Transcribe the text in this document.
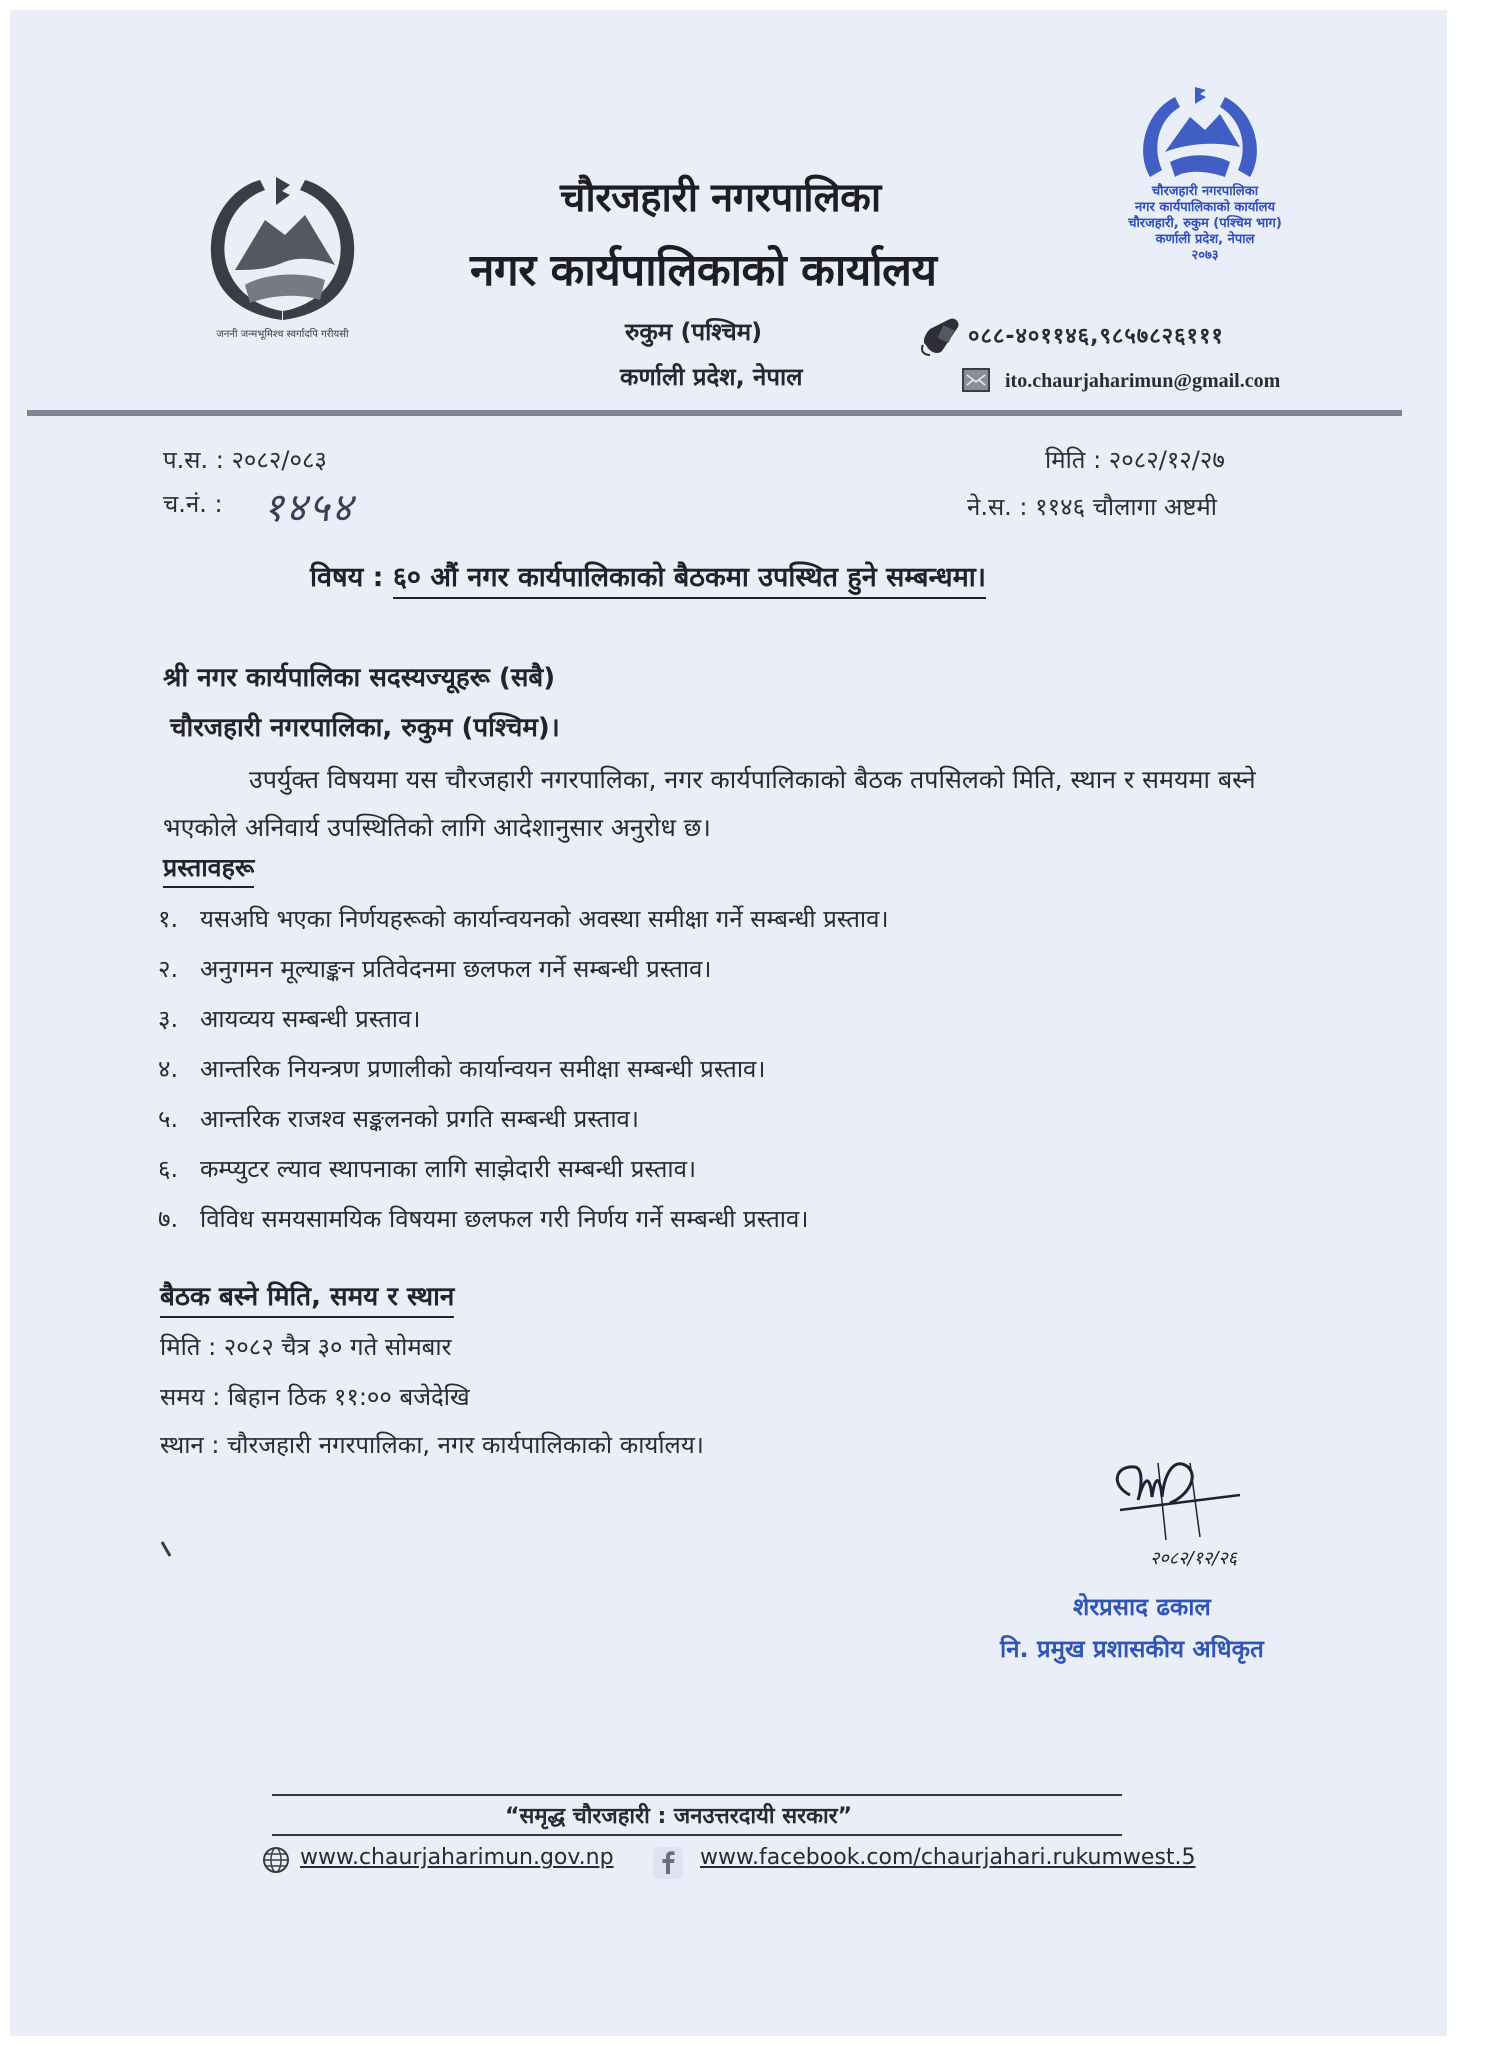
जननी जन्मभूमिश्च स्वर्गादपि गरीयसी
चौरजहारी नगरपालिका
नगर कार्यपालिकाको कार्यालय
रुकुम (पश्चिम)
कर्णाली प्रदेश, नेपाल
चौरजहारी नगरपालिका
नगर कार्यपालिकाको कार्यालय
चौरजहारी, रुकुम (पश्चिम भाग)
कर्णाली प्रदेश, नेपाल
२०७३
०८८-४०११४६,९८५७८२६१११
ito.chaurjaharimun@gmail.com
प.स. : २०८२/०८३
च.नं. : १४५४
मिति : २०८२/१२/२७
ने.स. : ११४६ चौलागा अष्टमी
विषय : ६० औं नगर कार्यपालिकाको बैठकमा उपस्थित हुने सम्बन्धमा।
श्री नगर कार्यपालिका सदस्यज्यूहरू (सबै)
चौरजहारी नगरपालिका, रुकुम (पश्चिम)।
उपर्युक्त विषयमा यस चौरजहारी नगरपालिका, नगर कार्यपालिकाको बैठक तपसिलको मिति, स्थान र समयमा बस्ने भएकोले अनिवार्य उपस्थितिको लागि आदेशानुसार अनुरोध छ।
प्रस्तावहरू
१. यसअघि भएका निर्णयहरूको कार्यान्वयनको अवस्था समीक्षा गर्ने सम्बन्धी प्रस्ताव।
२. अनुगमन मूल्याङ्कन प्रतिवेदनमा छलफल गर्ने सम्बन्धी प्रस्ताव।
३. आयव्यय सम्बन्धी प्रस्ताव।
४. आन्तरिक नियन्त्रण प्रणालीको कार्यान्वयन समीक्षा सम्बन्धी प्रस्ताव।
५. आन्तरिक राजश्व सङ्कलनको प्रगति सम्बन्धी प्रस्ताव।
६. कम्प्युटर ल्याव स्थापनाका लागि साझेदारी सम्बन्धी प्रस्ताव।
७. विविध समयसामयिक विषयमा छलफल गरी निर्णय गर्ने सम्बन्धी प्रस्ताव।
बैठक बस्ने मिति, समय र स्थान
मिति : २०८२ चैत्र ३० गते सोमबार
समय : बिहान ठिक ११:०० बजेदेखि
स्थान : चौरजहारी नगरपालिका, नगर कार्यपालिकाको कार्यालय।
२०८२/१२/२६
शेरप्रसाद ढकाल
नि. प्रमुख प्रशासकीय अधिकृत
“समृद्ध चौरजहारी : जनउत्तरदायी सरकार”
www.chaurjaharimun.gov.np	www.facebook.com/chaurjahari.rukumwest.5
